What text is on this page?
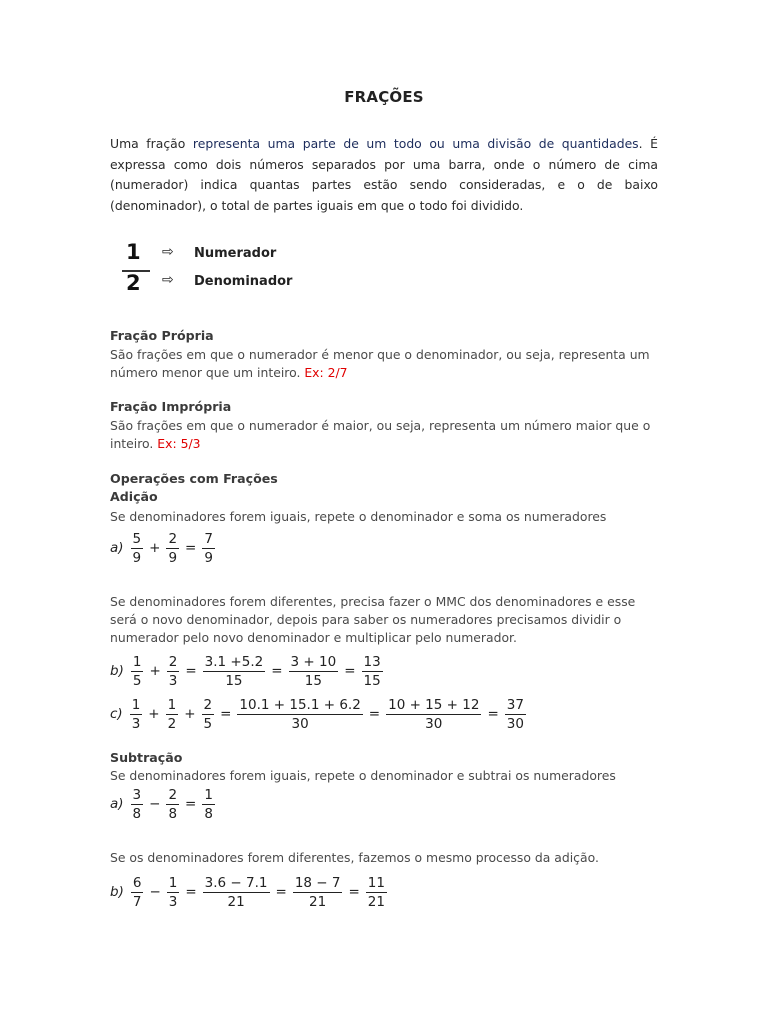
FRAÇÕES
Uma fração representa uma parte de um todo ou uma divisão de quantidades. É expressa como dois números separados por uma barra, onde o número de cima (numerador) indica quantas partes estão sendo consideradas, e o de baixo (denominador), o total de partes iguais em que o todo foi dividido.
1
2
⇨ Numerador
⇨ Denominador
Fração Própria
São frações em que o numerador é menor que o denominador, ou seja, representa um número menor que um inteiro. Ex: 2/7
Fração Imprópria
São frações em que o numerador é maior, ou seja, representa um número maior que o inteiro. Ex: 5/3
Operações com Frações
Adição
Se denominadores forem iguais, repete o denominador e soma os numeradores
$a) \frac{5}{9} + \frac{2}{9} = \frac{7}{9}$
Se denominadores forem diferentes, precisa fazer o MMC dos denominadores e esse será o novo denominador, depois para saber os numeradores precisamos dividir o numerador pelo novo denominador e multiplicar pelo numerador.
$b) \frac{1}{5} + \frac{2}{3} = \frac{3.1 +5.2}{15} = \frac{3 + 10}{15} = \frac{13}{15}$
$c) \frac{1}{3} + \frac{1}{2} + \frac{2}{5} = \frac{10.1 + 15.1 + 6.2}{30} = \frac{10 + 15 + 12}{30} = \frac{37}{30}$
Subtração
Se denominadores forem iguais, repete o denominador e subtrai os numeradores
$a) \frac{3}{8} - \frac{2}{8} = \frac{1}{8}$
Se os denominadores forem diferentes, fazemos o mesmo processo da adição.
$b) \frac{6}{7} - \frac{1}{3} = \frac{3.6 - 7.1}{21} = \frac{18 - 7}{21} = \frac{11}{21}$
